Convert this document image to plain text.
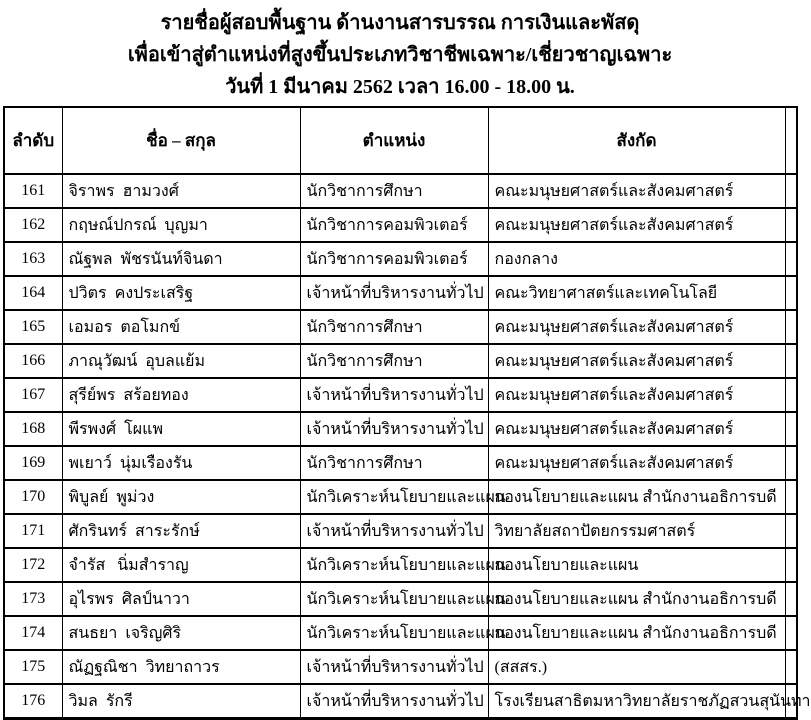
รายชื่อผู้สอบพื้นฐาน ด้านงานสารบรรณ การเงินและพัสดุ
เพื่อเข้าสู่ตำแหน่งที่สูงขึ้นประเภทวิชาชีพเฉพาะ/เชี่ยวชาญเฉพาะ
วันที่ 1 มีนาคม 2562 เวลา 16.00 - 18.00 น.
ลำดับ	ชื่อ – สกุล	ตำแหน่ง	สังกัด	
161	จิราพร  ฮามวงศ์	นักวิชาการศึกษา	คณะมนุษยศาสตร์และสังคมศาสตร์	
162	กฤษณ์ปกรณ์  บุญมา	นักวิชาการคอมพิวเตอร์	คณะมนุษยศาสตร์และสังคมศาสตร์	
163	ณัฐพล  พัชรนันท์จินดา	นักวิชาการคอมพิวเตอร์	กองกลาง	
164	ปวิตร  คงประเสริฐ	เจ้าหน้าที่บริหารงานทั่วไป	คณะวิทยาศาสตร์และเทคโนโลยี	
165	เอมอร  ตอโมกข์	นักวิชาการศึกษา	คณะมนุษยศาสตร์และสังคมศาสตร์	
166	ภาณุวัฒน์  อุบลแย้ม	นักวิชาการศึกษา	คณะมนุษยศาสตร์และสังคมศาสตร์	
167	สุรีย์พร  สร้อยทอง	เจ้าหน้าที่บริหารงานทั่วไป	คณะมนุษยศาสตร์และสังคมศาสตร์	
168	พีรพงศ์  โผแพ	เจ้าหน้าที่บริหารงานทั่วไป	คณะมนุษยศาสตร์และสังคมศาสตร์	
169	พเยาว์  นุ่มเรืองรัน	นักวิชาการศึกษา	คณะมนุษยศาสตร์และสังคมศาสตร์	
170	พิบูลย์  พูม่วง	นักวิเคราะห์นโยบายและแผน	กองนโยบายและแผน สำนักงานอธิการบดี	
171	ศักรินทร์  สาระรักษ์	เจ้าหน้าที่บริหารงานทั่วไป	วิทยาลัยสถาปัตยกรรมศาสตร์	
172	จำรัส   นิ่มสำราญ	นักวิเคราะห์นโยบายและแผน	กองนโยบายและแผน	
173	อุไรพร  ศิลป์นาวา	นักวิเคราะห์นโยบายและแผน	กองนโยบายและแผน สำนักงานอธิการบดี	
174	สนธยา  เจริญศิริ	นักวิเคราะห์นโยบายและแผน	กองนโยบายและแผน สำนักงานอธิการบดี	
175	ณัฏฐณิชา  วิทยาถาวร	เจ้าหน้าที่บริหารงานทั่วไป	(สสสร.)	
176	วิมล  รักรี	เจ้าหน้าที่บริหารงานทั่วไป	โรงเรียนสาธิตมหาวิทยาลัยราชภัฏสวนสุนันทา	
